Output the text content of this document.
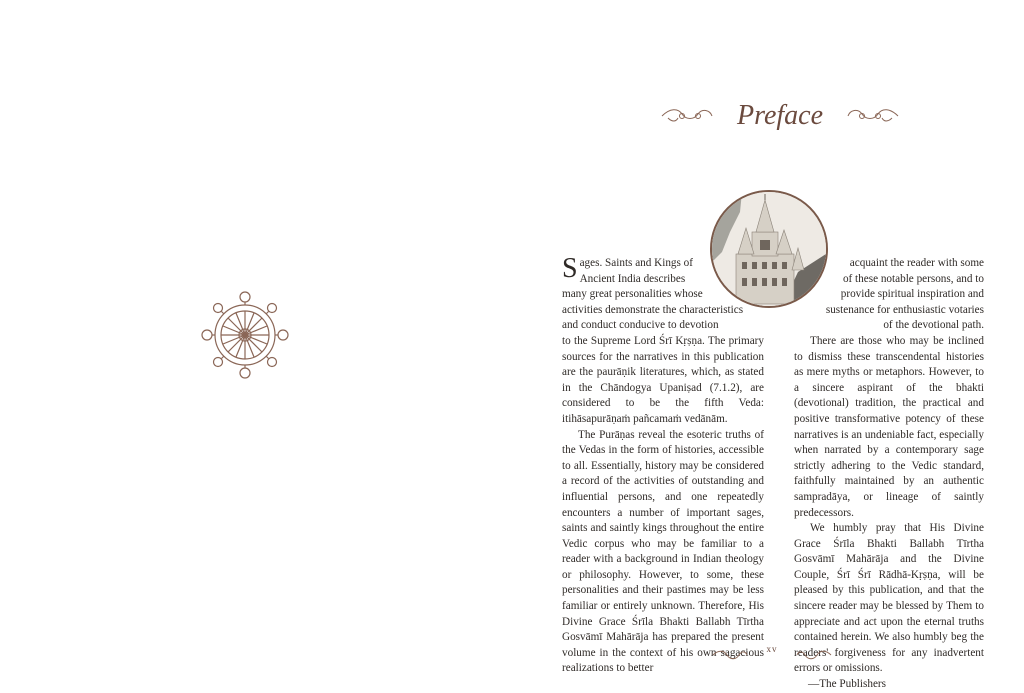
Preface

S ages. Saints and Kings of
Ancient India describes
many great personalities whose
activities demonstrate the characteristics
and conduct conducive to devotion
to the Supreme Lord Śrī Kṛṣṇa. The primary sources for the narratives in this publication are the paurāṇik literatures, which, as stated in the Chāndogya Upaniṣad (7.1.2), are considered to be the fifth Veda: itihāsapurāṇaṁ pañcamaṁ vedānām.

The Purāṇas reveal the esoteric truths of the Vedas in the form of histories, accessible to all. Essentially, history may be considered a record of the activities of outstanding and influential persons, and one repeatedly encounters a number of important sages, saints and saintly kings throughout the entire Vedic corpus who may be familiar to a reader with a background in Indian theology or philosophy. However, to some, these personalities and their pastimes may be less familiar or entirely unknown. Therefore, His Divine Grace Śrīla Bhakti Ballabh Tīrtha Gosvāmī Mahārāja has prepared the present volume in the context of his own sagacious realizations to better

acquaint the reader with some
of these notable persons, and to
provide spiritual inspiration and
sustenance for enthusiastic votaries
of the devotional path.

There are those who may be inclined to dismiss these transcendental histories as mere myths or metaphors. However, to a sincere aspirant of the bhakti (devotional) tradition, the practical and positive transformative potency of these narratives is an undeniable fact, especially when narrated by a contemporary sage strictly adhering to the Vedic standard, faithfully maintained by an authentic sampradāya, or lineage of saintly predecessors.

We humbly pray that His Divine Grace Śrīla Bhakti Ballabh Tīrtha Gosvāmī Mahārāja and the Divine Couple, Śrī Śrī Rādhā-Kṛṣṇa, will be pleased by this publication, and that the sincere reader may be blessed by Them to appreciate and act upon the eternal truths contained herein. We also humbly beg the readers' forgiveness for any inadvertent errors or omissions.

—The Publishers

xv
